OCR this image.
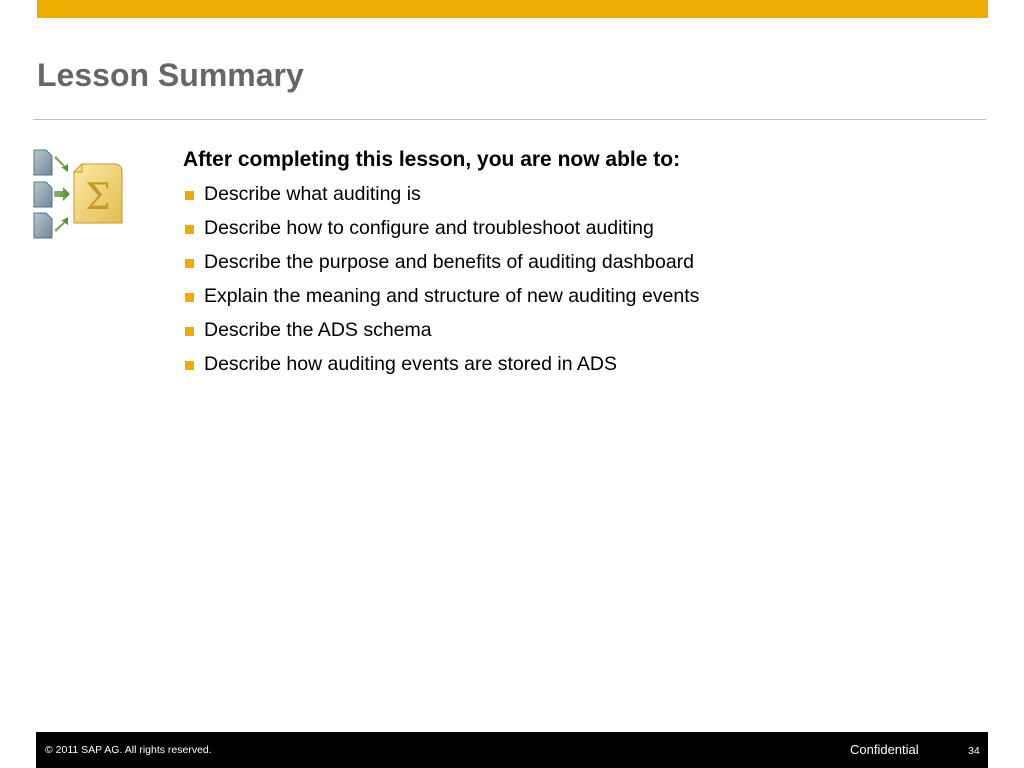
Lesson Summary
Σ

After completing this lesson, you are now able to:

Describe what auditing is
Describe how to configure and troubleshoot auditing
Describe the purpose and benefits of auditing dashboard
Explain the meaning and structure of new auditing events
Describe the ADS schema
Describe how auditing events are stored in ADS
© 2011 SAP AG. All rights reserved.	Confidential	34
